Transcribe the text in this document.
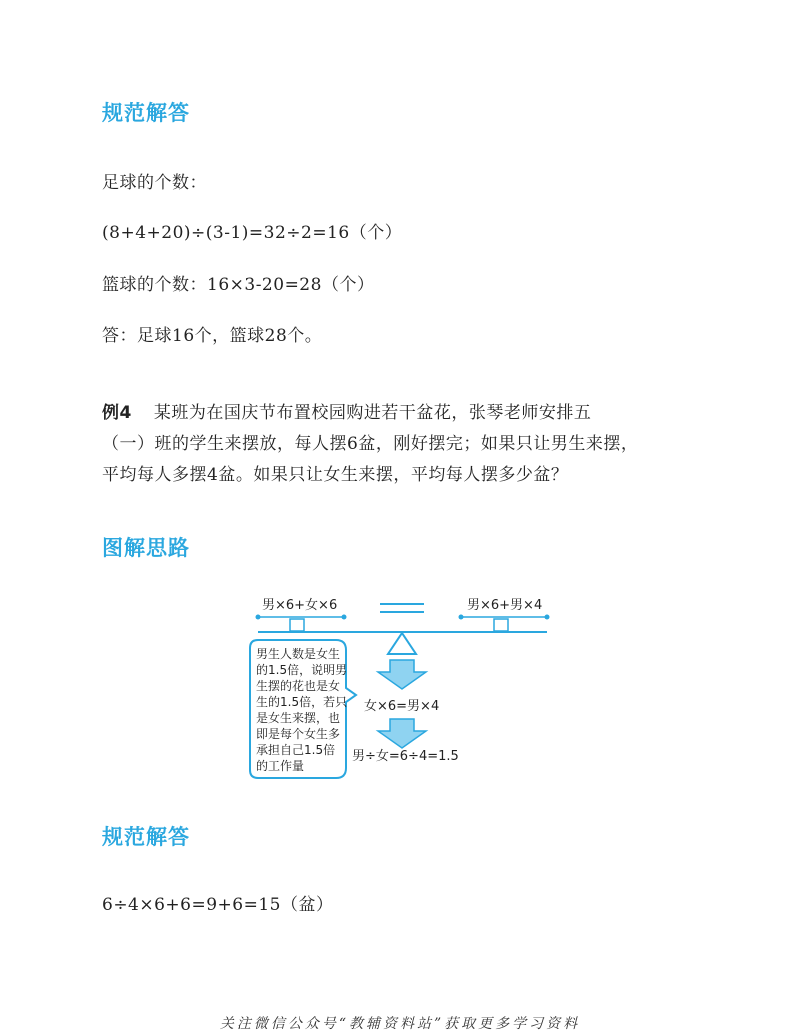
规范解答
足球的个数：
(8+4+20)÷(3-1)=32÷2=16（个）
篮球的个数：16×3-20=28（个）
答：足球16个，篮球28个。
例4 某班为在国庆节布置校园购进若干盆花，张琴老师安排五
（一）班的学生来摆放，每人摆6盆，刚好摆完；如果只让男生来摆，
平均每人多摆4盆。如果只让女生来摆，平均每人摆多少盆？
图解思路
男×6+女×6	男×6+男×4
男生人数是女生
的1.5倍，说明男
生摆的花也是女
生的1.5倍，若只
是女生来摆，也
即是每个女生多
承担自己1.5倍
的工作量
女×6=男×4
男÷女=6÷4=1.5
规范解答
6÷4×6+6=9+6=15（盆）
关注微信公众号“教辅资料站”获取更多学习资料
